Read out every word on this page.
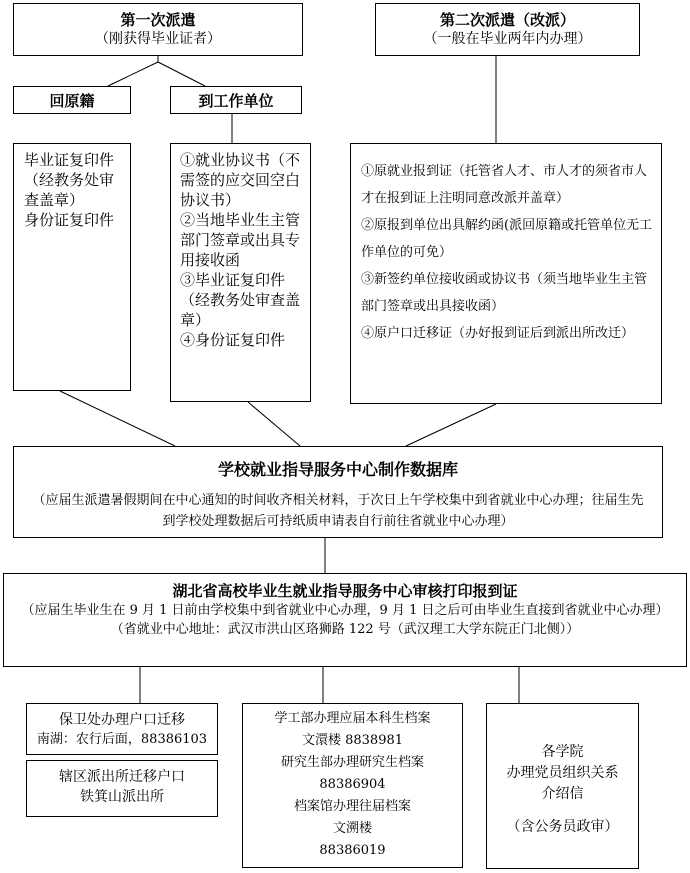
第一次派遣
（刚获得毕业证者）
第二次派遣（改派）
（一般在毕业两年内办理）
回原籍	到工作单位
毕业证复印件
（经教务处审查盖章）
身份证复印件
①就业协议书（不需签的应交回空白协议书）
②当地毕业生主管部门签章或出具专用接收函
③毕业证复印件（经教务处审查盖章）
④身份证复印件
①原就业报到证（托管省人才、市人才的须省市人才在报到证上注明同意改派并盖章）
②原报到单位出具解约函(派回原籍或托管单位无工作单位的可免）
③新签约单位接收函或协议书（须当地毕业生主管部门签章或出具接收函）
④原户口迁移证（办好报到证后到派出所改迁）
学校就业指导服务中心制作数据库
（应届生派遣暑假期间在中心通知的时间收齐相关材料，于次日上午学校集中到省就业中心办理；往届生先到学校处理数据后可持纸质申请表自行前往省就业中心办理）
湖北省高校毕业生就业指导服务中心审核打印报到证
（应届生毕业生在 9 月 1 日前由学校集中到省就业中心办理，9 月 1 日之后可由毕业生直接到省就业中心办理）
（省就业中心地址：武汉市洪山区珞狮路 122 号（武汉理工大学东院正门北侧））
保卫处办理户口迁移
南湖：农行后面，88386103
辖区派出所迁移户口
铁箕山派出所
学工部办理应届本科生档案
文澴楼 8838981
研究生部办理研究生档案
88386904
档案馆办理往届档案
文溯楼
88386019
各学院
办理党员组织关系
介绍信
（含公务员政审）
